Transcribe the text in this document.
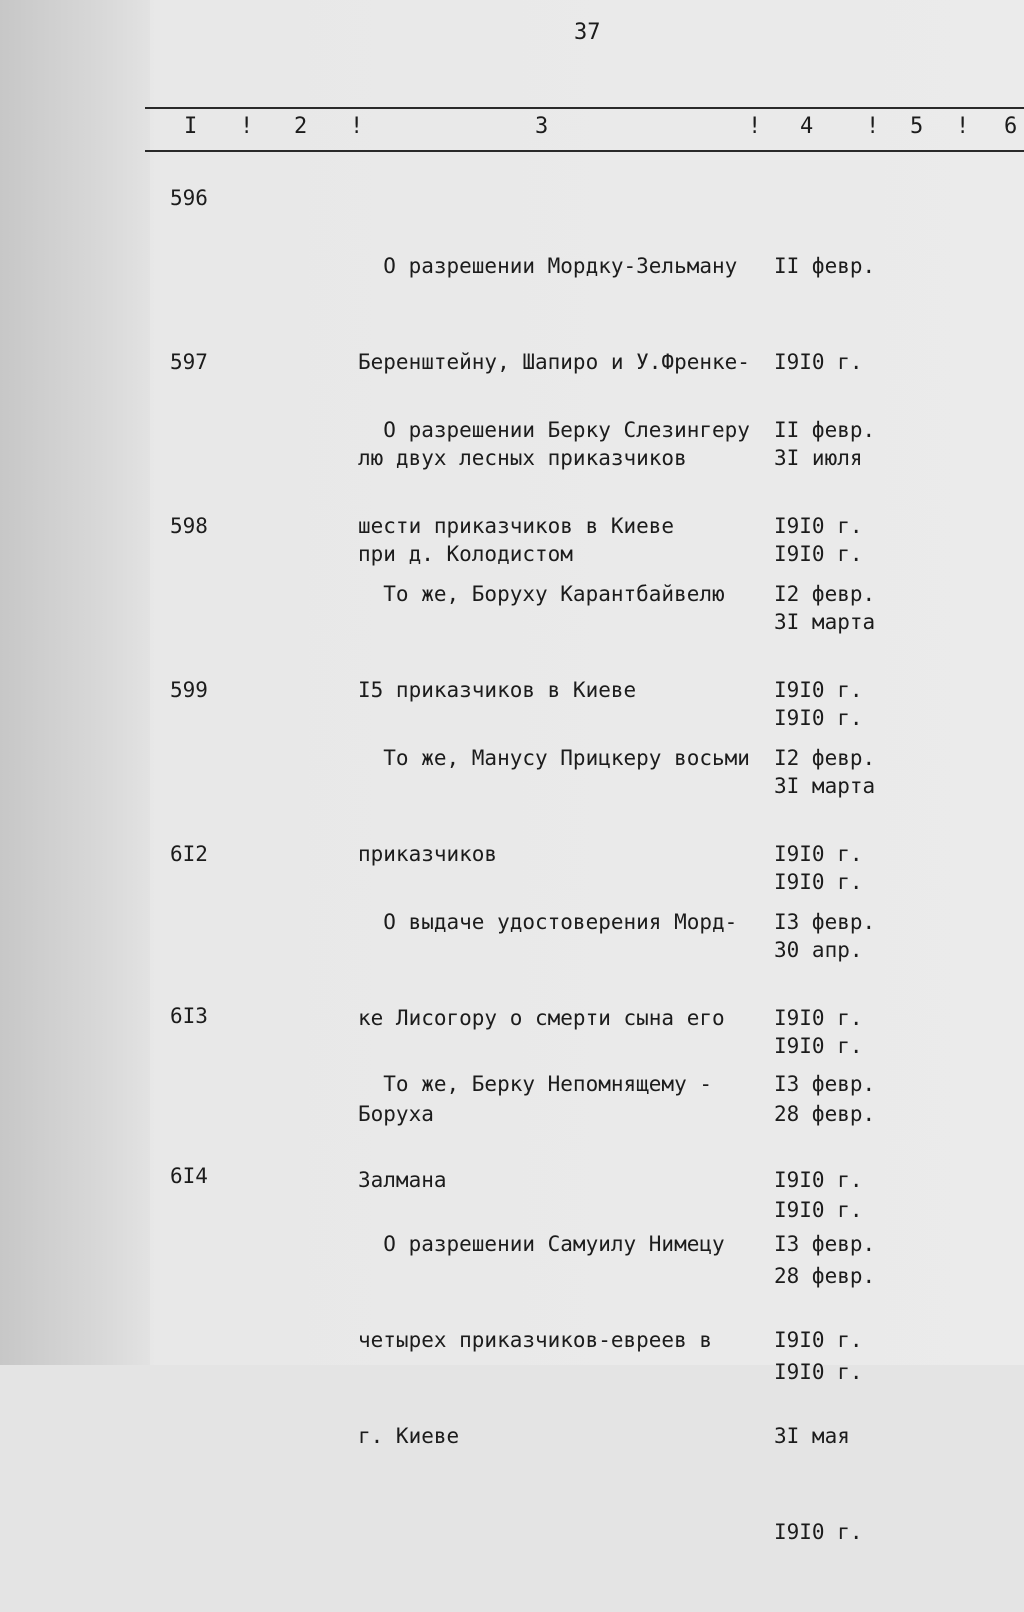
37
I ! 2 !	3	! 4 ! 5 ! 6
596

О разрешении Мордку-Зельману

Беренштейну, Шапиро и У.Френке-

лю двух лесных приказчиков

при д. Колодистом

II февр.

I9I0 г.

3I июля

I9I0 г.

597

О разрешении Берку Слезингеру

шести приказчиков в Киеве

II февр.

I9I0 г.

3I марта

I9I0 г.

598

То же, Боруху Карантбайвелю

I5 приказчиков в Киеве

I2 февр.

I9I0 г.

3I марта

I9I0 г.

599

То же, Манусу Прицкеру восьми

приказчиков

I2 февр.

I9I0 г.

30 апр.

I9I0 г.

6I2

О выдаче удостоверения Морд-

ке Лисогору о смерти сына его

Боруха

I3 февр.

I9I0 г.

28 февр.

I9I0 г.

6I3

То же, Берку Непомнящему -

Залмана

I3 февр.

I9I0 г.

28 февр.

I9I0 г.

6I4

О разрешении Самуилу Нимецу

четырех приказчиков-евреев в

г. Киеве

I3 февр.

I9I0 г.

3I мая

I9I0 г.
